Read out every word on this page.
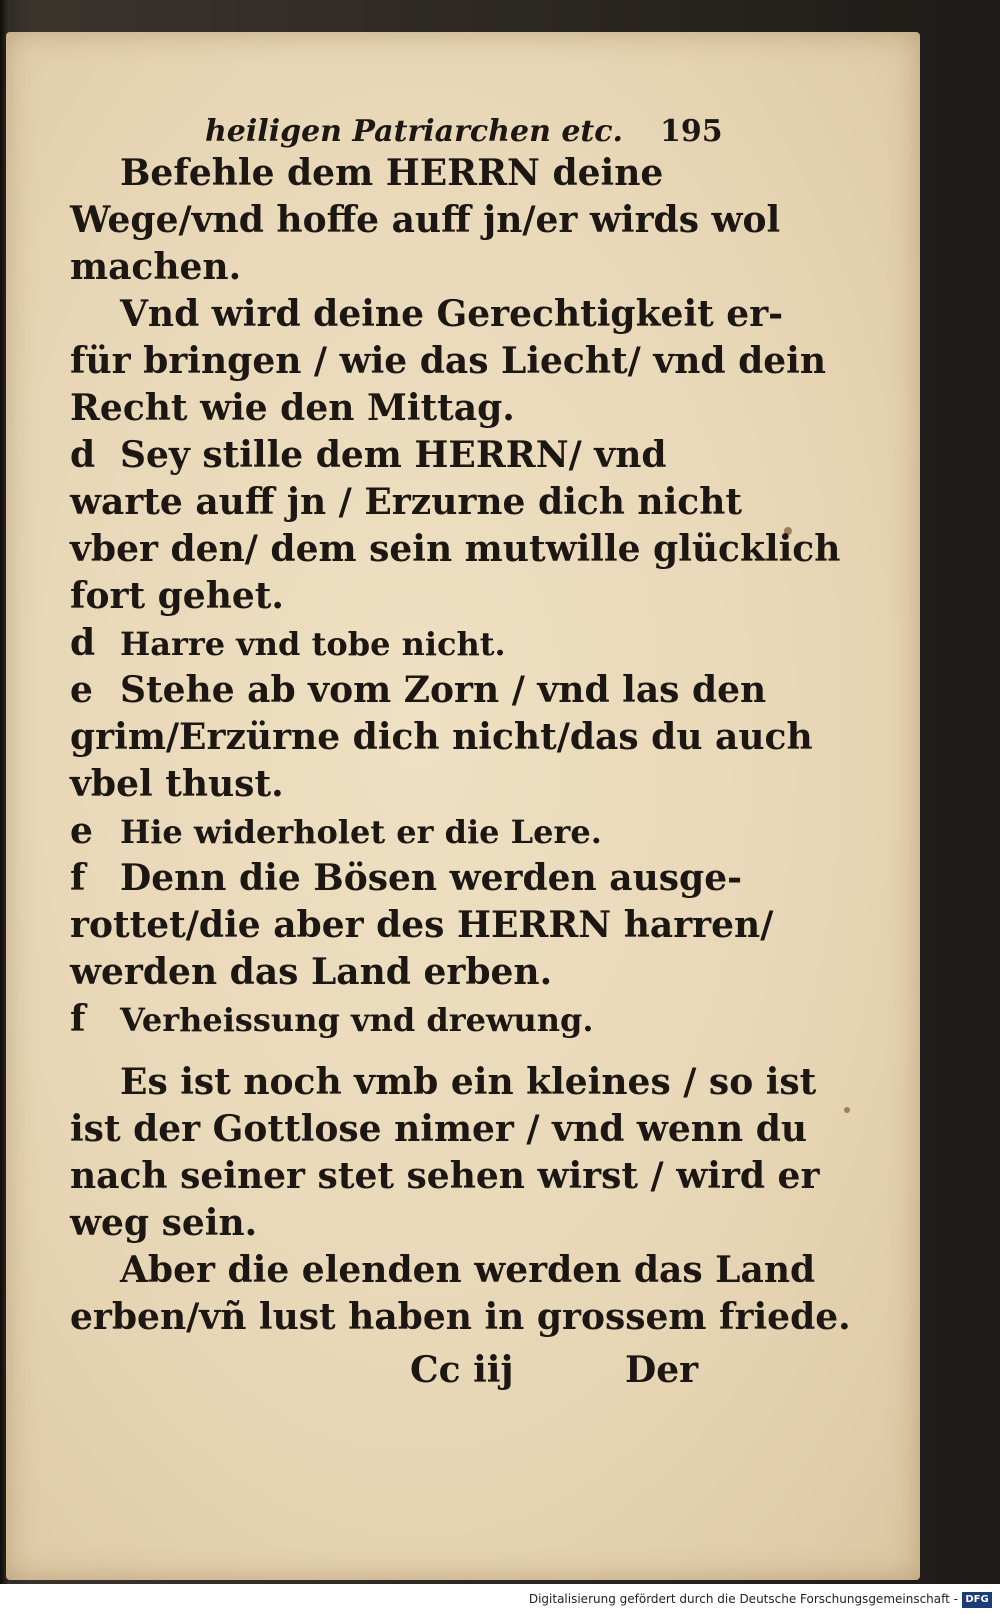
heiligen Patriarchen etc. 195
Befehle dem HERRN deine
Wege/vnd hoffe auff jn/er wirds wol
machen.
Vnd wird deine Gerechtigkeit er-
für bringen / wie das Liecht/ vnd dein
Recht wie den Mittag.
d Sey stille dem HERRN/ vnd
warte auff jn / Erzurne dich nicht
vber den/ dem sein mutwille glücklich
fort gehet.
d Harre vnd tobe nicht.
e Stehe ab vom Zorn / vnd las den
grim/Erzürne dich nicht/das du auch
vbel thust.
e Hie widerholet er die Lere.
f Denn die Bösen werden ausge-
rottet/die aber des HERRN harren/
werden das Land erben.
f	Verheissung vnd drewung.
Es ist noch vmb ein kleines / so ist
ist der Gottlose nimer / vnd wenn du
nach seiner stet sehen wirst / wird er
weg sein.
Aber die elenden werden das Land
erben/vñ lust haben in grossem friede.
Cc iij	Der
Digitalisierung gefördert durch die Deutsche Forschungsgemeinschaft - DFG
